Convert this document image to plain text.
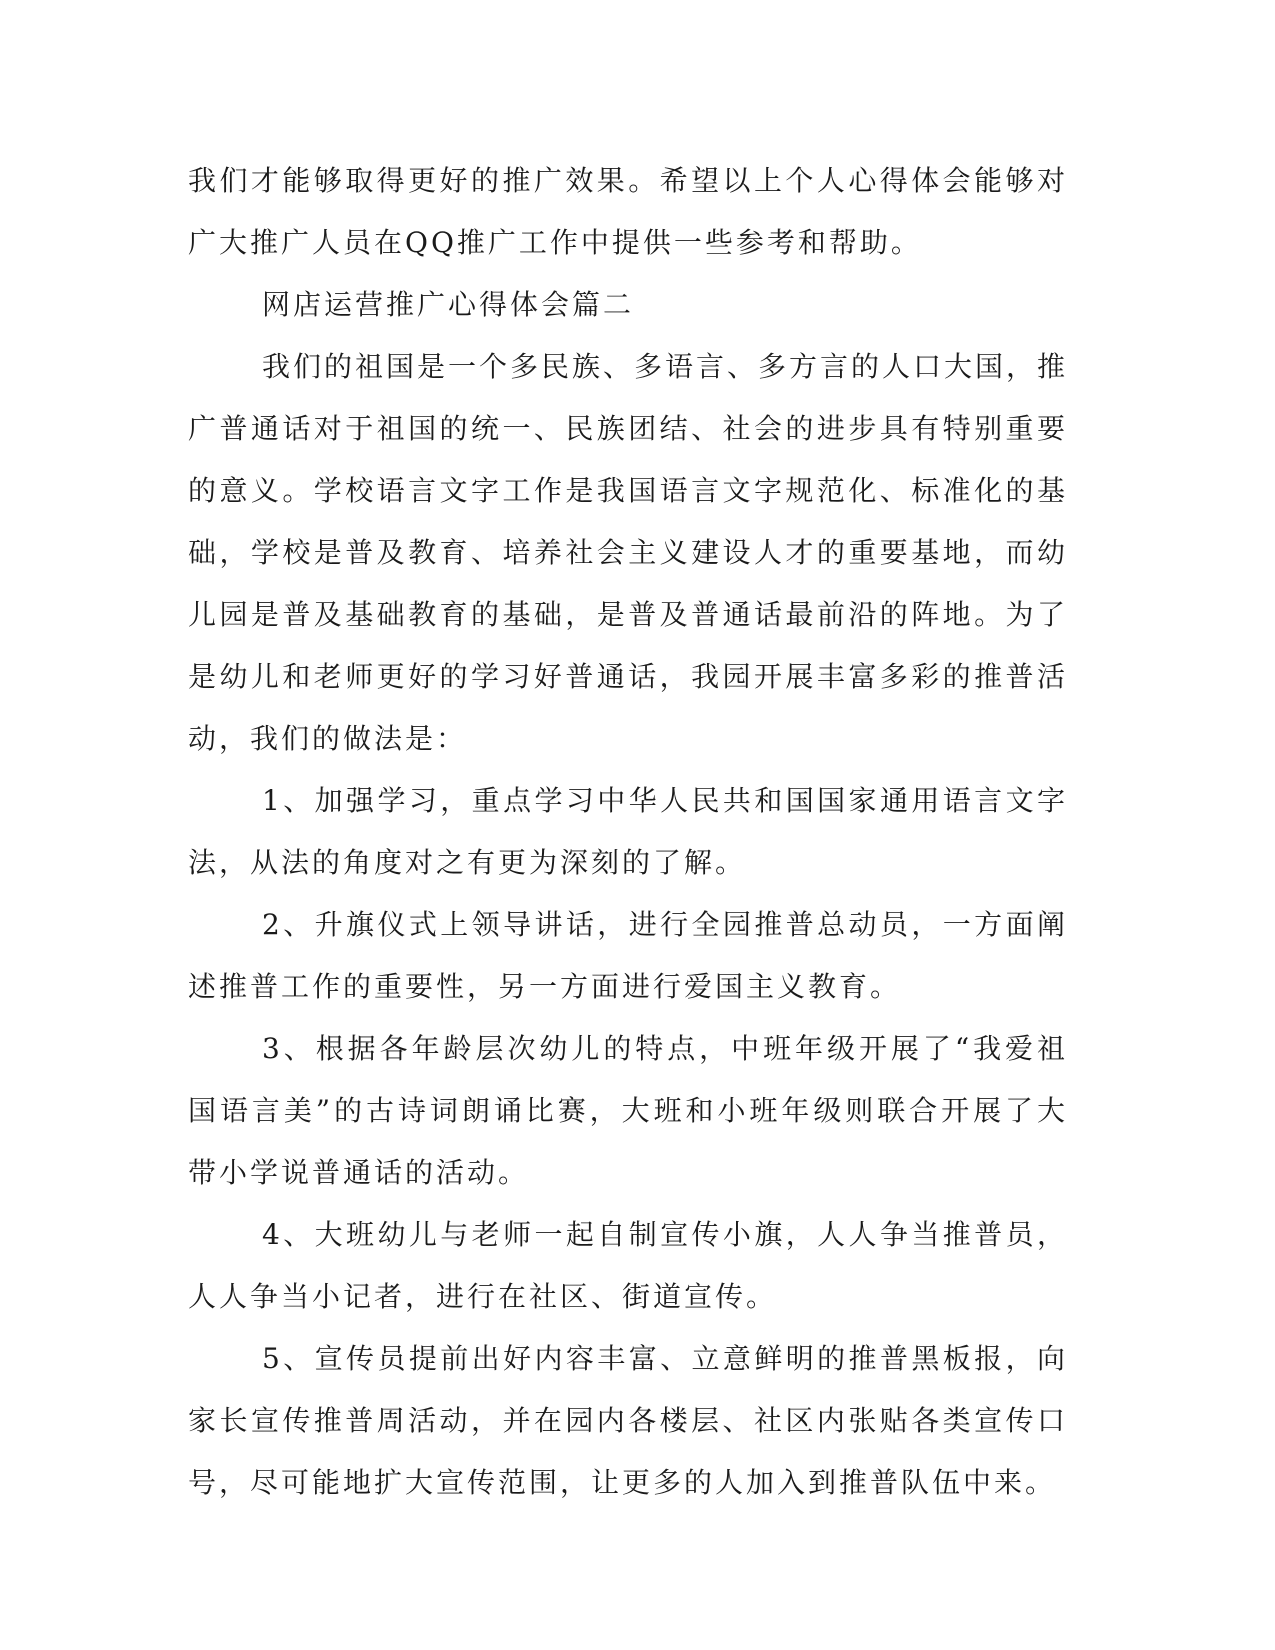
我们才能够取得更好的推广效果。希望以上个人心得体会能够对广大推广人员在QQ推广工作中提供一些参考和帮助。

网店运营推广心得体会篇二

我们的祖国是一个多民族、多语言、多方言的人口大国，推广普通话对于祖国的统一、民族团结、社会的进步具有特别重要的意义。学校语言文字工作是我国语言文字规范化、标准化的基础，学校是普及教育、培养社会主义建设人才的重要基地，而幼儿园是普及基础教育的基础，是普及普通话最前沿的阵地。为了是幼儿和老师更好的学习好普通话，我园开展丰富多彩的推普活动，我们的做法是：

1、加强学习，重点学习中华人民共和国国家通用语言文字法，从法的角度对之有更为深刻的了解。

2、升旗仪式上领导讲话，进行全园推普总动员，一方面阐述推普工作的重要性，另一方面进行爱国主义教育。

3、根据各年龄层次幼儿的特点，中班年级开展了“我爱祖国语言美”的古诗词朗诵比赛，大班和小班年级则联合开展了大带小学说普通话的活动。

4、大班幼儿与老师一起自制宣传小旗，人人争当推普员，人人争当小记者，进行在社区、街道宣传。

5、宣传员提前出好内容丰富、立意鲜明的推普黑板报，向家长宣传推普周活动，并在园内各楼层、社区内张贴各类宣传口号，尽可能地扩大宣传范围，让更多的人加入到推普队伍中来。
